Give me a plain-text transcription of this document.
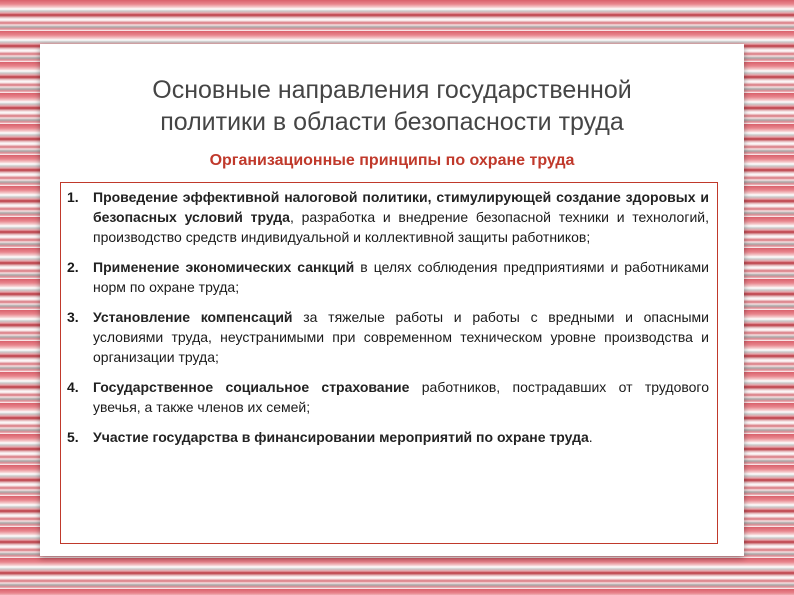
Основные направления государственной
политики в области безопасности труда

Организационные принципы по охране труда

1.	Проведение эффективной налоговой политики, стимулирующей создание здоровых и безопасных условий труда, разработка и внедрение безопасной техники и технологий, производство средств индивидуальной и коллективной защиты работников;
2.	Применение экономических санкций в целях соблюдения предприятиями и работниками норм по охране труда;
3.	Установление компенсаций за тяжелые работы и работы с вредными и опасными условиями труда, неустранимыми при современном техническом уровне производства и организации труда;
4.	Государственное социальное страхование работников, пострадавших от трудового увечья, а также членов их семей;
5.	Участие государства в финансировании мероприятий по охране труда.
